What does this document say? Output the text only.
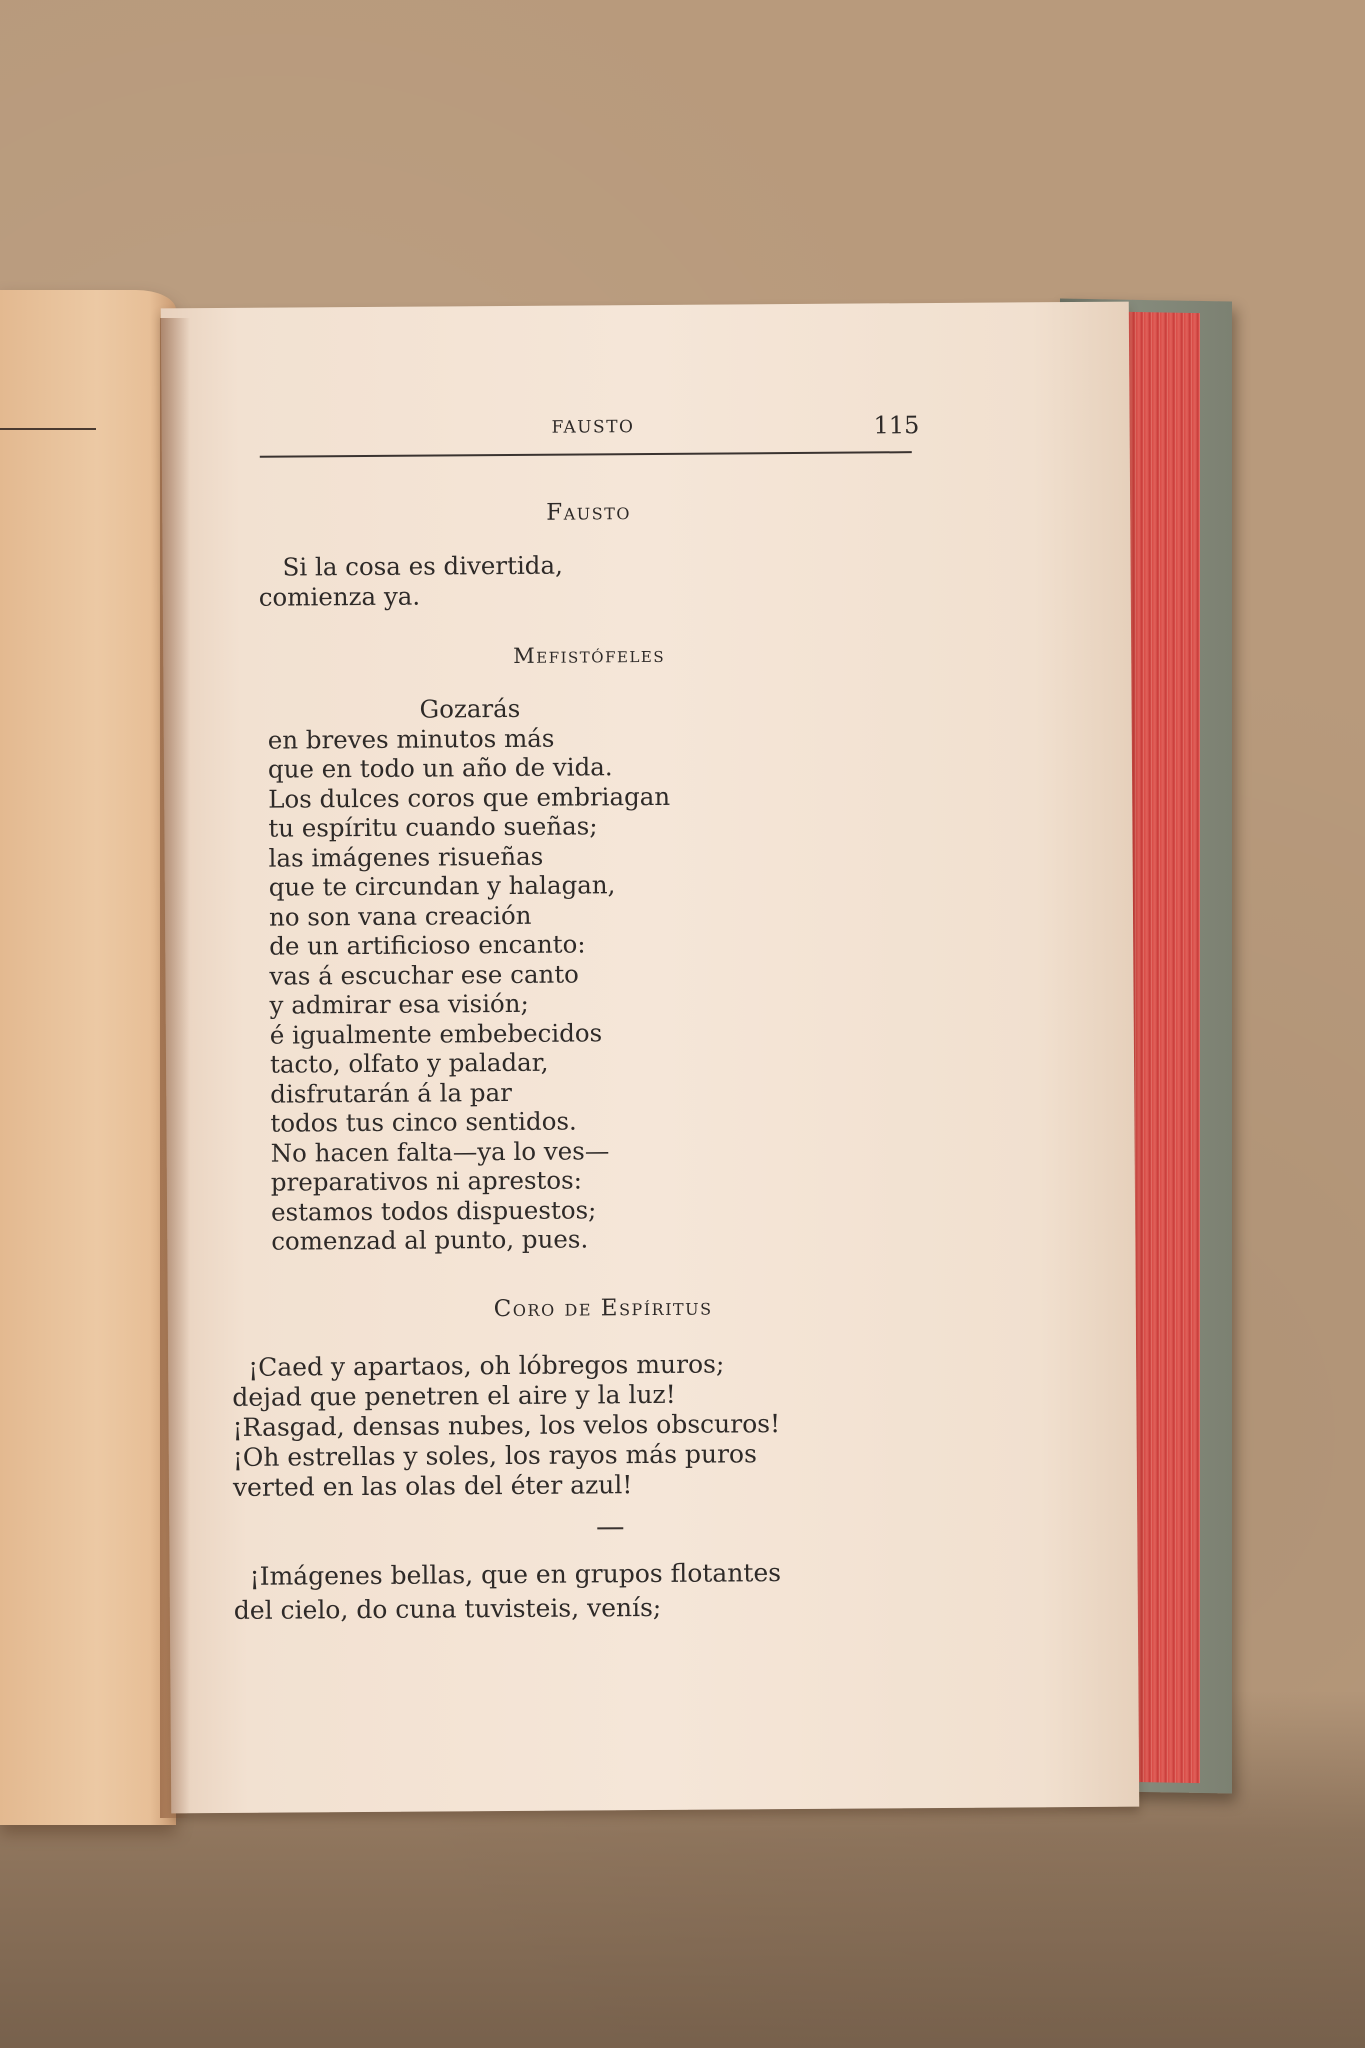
FAUSTO	115
Fausto
Si la cosa es divertida,
comienza ya.
Mefistófeles
Gozarás
en breves minutos más
que en todo un año de vida.
Los dulces coros que embriagan
tu espíritu cuando sueñas;
las imágenes risueñas
que te circundan y halagan,
no son vana creación
de un artificioso encanto:
vas á escuchar ese canto
y admirar esa visión;
é igualmente embebecidos
tacto, olfato y paladar,
disfrutarán á la par
todos tus cinco sentidos.
No hacen falta—ya lo ves—
preparativos ni aprestos:
estamos todos dispuestos;
comenzad al punto, pues.
Coro de Espíritus
¡Caed y apartaos, oh lóbregos muros;
dejad que penetren el aire y la luz!
¡Rasgad, densas nubes, los velos obscuros!
¡Oh estrellas y soles, los rayos más puros
verted en las olas del éter azul!
¡Imágenes bellas, que en grupos flotantes
del cielo, do cuna tuvisteis, venís;
